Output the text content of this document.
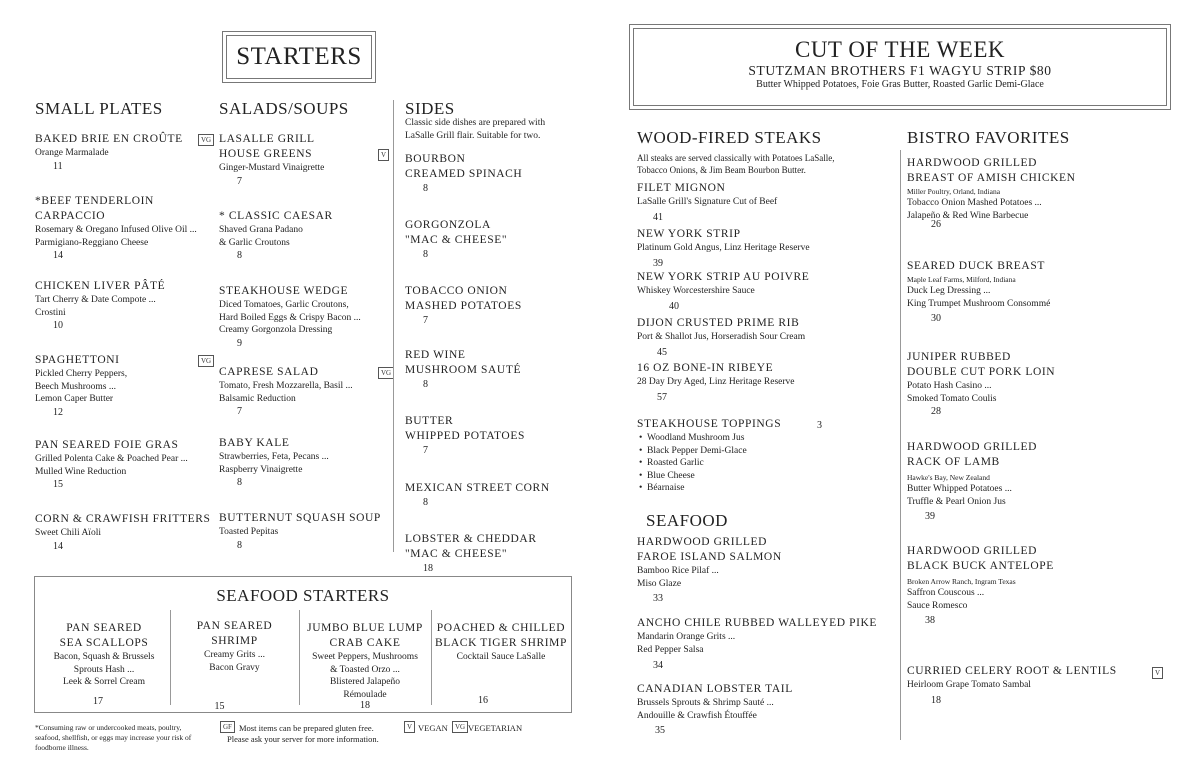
STARTERS
SMALL PLATES
BAKED BRIE EN CROÛTE
Orange Marmalade
11
VG
*BEEF TENDERLOIN
CARPACCIO
Rosemary & Oregano Infused Olive Oil ...
Parmigiano-Reggiano Cheese
14
CHICKEN LIVER PÂTÉ
Tart Cherry & Date Compote ...
Crostini
10
SPAGHETTONI
Pickled Cherry Peppers,
Beech Mushrooms ...
Lemon Caper Butter
12
VG
PAN SEARED FOIE GRAS
Grilled Polenta Cake & Poached Pear ...
Mulled Wine Reduction
15
CORN & CRAWFISH FRITTERS
Sweet Chili Aïoli
14
SALADS/SOUPS
LASALLE GRILL
HOUSE GREENS
Ginger-Mustard Vinaigrette
7
V
* CLASSIC CAESAR
Shaved Grana Padano
& Garlic Croutons
8
STEAKHOUSE WEDGE
Diced Tomatoes, Garlic Croutons,
Hard Boiled Eggs & Crispy Bacon ...
Creamy Gorgonzola Dressing
9
CAPRESE SALAD
Tomato, Fresh Mozzarella, Basil ...
Balsamic Reduction
7
VG
BABY KALE
Strawberries, Feta, Pecans ...
Raspberry Vinaigrette
8
BUTTERNUT SQUASH SOUP
Toasted Pepitas
8
SIDES
Classic side dishes are prepared with
LaSalle Grill flair. Suitable for two.
BOURBON
CREAMED SPINACH
8
GORGONZOLA
"MAC & CHEESE"
8
TOBACCO ONION
MASHED POTATOES
7
RED WINE
MUSHROOM SAUTÉ
8
BUTTER
WHIPPED POTATOES
7
MEXICAN STREET CORN
8
LOBSTER & CHEDDAR
"MAC & CHEESE"
18
SEAFOOD STARTERS
PAN SEARED
SEA SCALLOPS
Bacon, Squash & Brussels
Sprouts Hash ...
Leek & Sorrel Cream
17
PAN SEARED
SHRIMP
Creamy Grits ...
Bacon Gravy
15
JUMBO BLUE LUMP
CRAB CAKE
Sweet Peppers, Mushrooms
& Toasted Orzo ...
Blistered Jalapeño
Rémoulade
18
POACHED & CHILLED
BLACK TIGER SHRIMP
Cocktail Sauce LaSalle
16
*Consuming raw or undercooked meats, poultry,
seafood, shellfish, or eggs may increase your risk of
foodborne illness.
GF Most items can be prepared gluten free.
Please ask your server for more information.
V VEGAN	VG VEGETARIAN
CUT OF THE WEEK
STUTZMAN BROTHERS F1 WAGYU STRIP $80
Butter Whipped Potatoes, Foie Gras Butter, Roasted Garlic Demi-Glace
WOOD-FIRED STEAKS
All steaks are served classically with Potatoes LaSalle,
Tobacco Onions, & Jim Beam Bourbon Butter.
FILET MIGNON
LaSalle Grill's Signature Cut of Beef
41
NEW YORK STRIP
Platinum Gold Angus, Linz Heritage Reserve
39
NEW YORK STRIP AU POIVRE
Whiskey Worcestershire Sauce
40
DIJON CRUSTED PRIME RIB
Port & Shallot Jus, Horseradish Sour Cream
45
16 OZ BONE-IN RIBEYE
28 Day Dry Aged, Linz Heritage Reserve
57
STEAKHOUSE TOPPINGS	3
• Woodland Mushroom Jus
• Black Pepper Demi-Glace
• Roasted Garlic
• Blue Cheese
• Béarnaise
SEAFOOD
HARDWOOD GRILLED
FAROE ISLAND SALMON
Bamboo Rice Pilaf ...
Miso Glaze
33
ANCHO CHILE RUBBED WALLEYED PIKE
Mandarin Orange Grits ...
Red Pepper Salsa
34
CANADIAN LOBSTER TAIL
Brussels Sprouts & Shrimp Sauté ...
Andouille & Crawfish Étouffée
35
BISTRO FAVORITES
HARDWOOD GRILLED
BREAST OF AMISH CHICKEN
Miller Poultry, Orland, Indiana
Tobacco Onion Mashed Potatoes ...
Jalapeño & Red Wine Barbecue
26
SEARED DUCK BREAST
Maple Leaf Farms, Milford, Indiana
Duck Leg Dressing ...
King Trumpet Mushroom Consommé
30
JUNIPER RUBBED
DOUBLE CUT PORK LOIN
Potato Hash Casino ...
Smoked Tomato Coulis
28
HARDWOOD GRILLED
RACK OF LAMB
Hawke's Bay, New Zealand
Butter Whipped Potatoes ...
Truffle & Pearl Onion Jus
39
HARDWOOD GRILLED
BLACK BUCK ANTELOPE
Broken Arrow Ranch, Ingram Texas
Saffron Couscous ...
Sauce Romesco
38
CURRIED CELERY ROOT & LENTILS
Heirloom Grape Tomato Sambal
18
V
